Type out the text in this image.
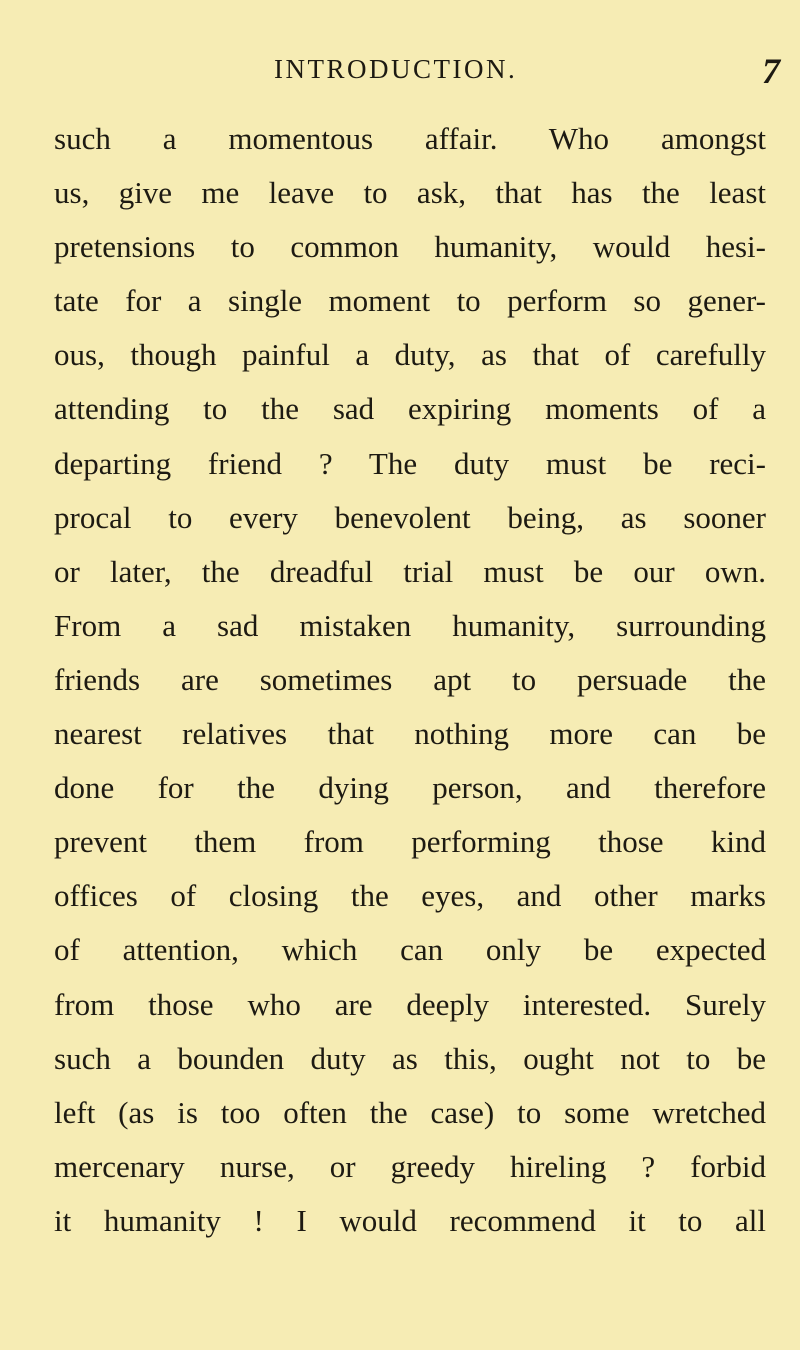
INTRODUCTION.	7
such a momentous affair. Who amongst
us, give me leave to ask, that has the least
pretensions to common humanity, would hesi-
tate for a single moment to perform so gener-
ous, though painful a duty, as that of carefully
attending to the sad expiring moments of a
departing friend ? The duty must be reci-
procal to every benevolent being, as sooner
or later, the dreadful trial must be our own.
From a sad mistaken humanity, surrounding
friends are sometimes apt to persuade the
nearest relatives that nothing more can be
done for the dying person, and therefore
prevent them from performing those kind
offices of closing the eyes, and other marks
of attention, which can only be expected
from those who are deeply interested. Surely
such a bounden duty as this, ought not to be
left (as is too often the case) to some wretched
mercenary nurse, or greedy hireling ? forbid
it humanity ! I would recommend it to all
